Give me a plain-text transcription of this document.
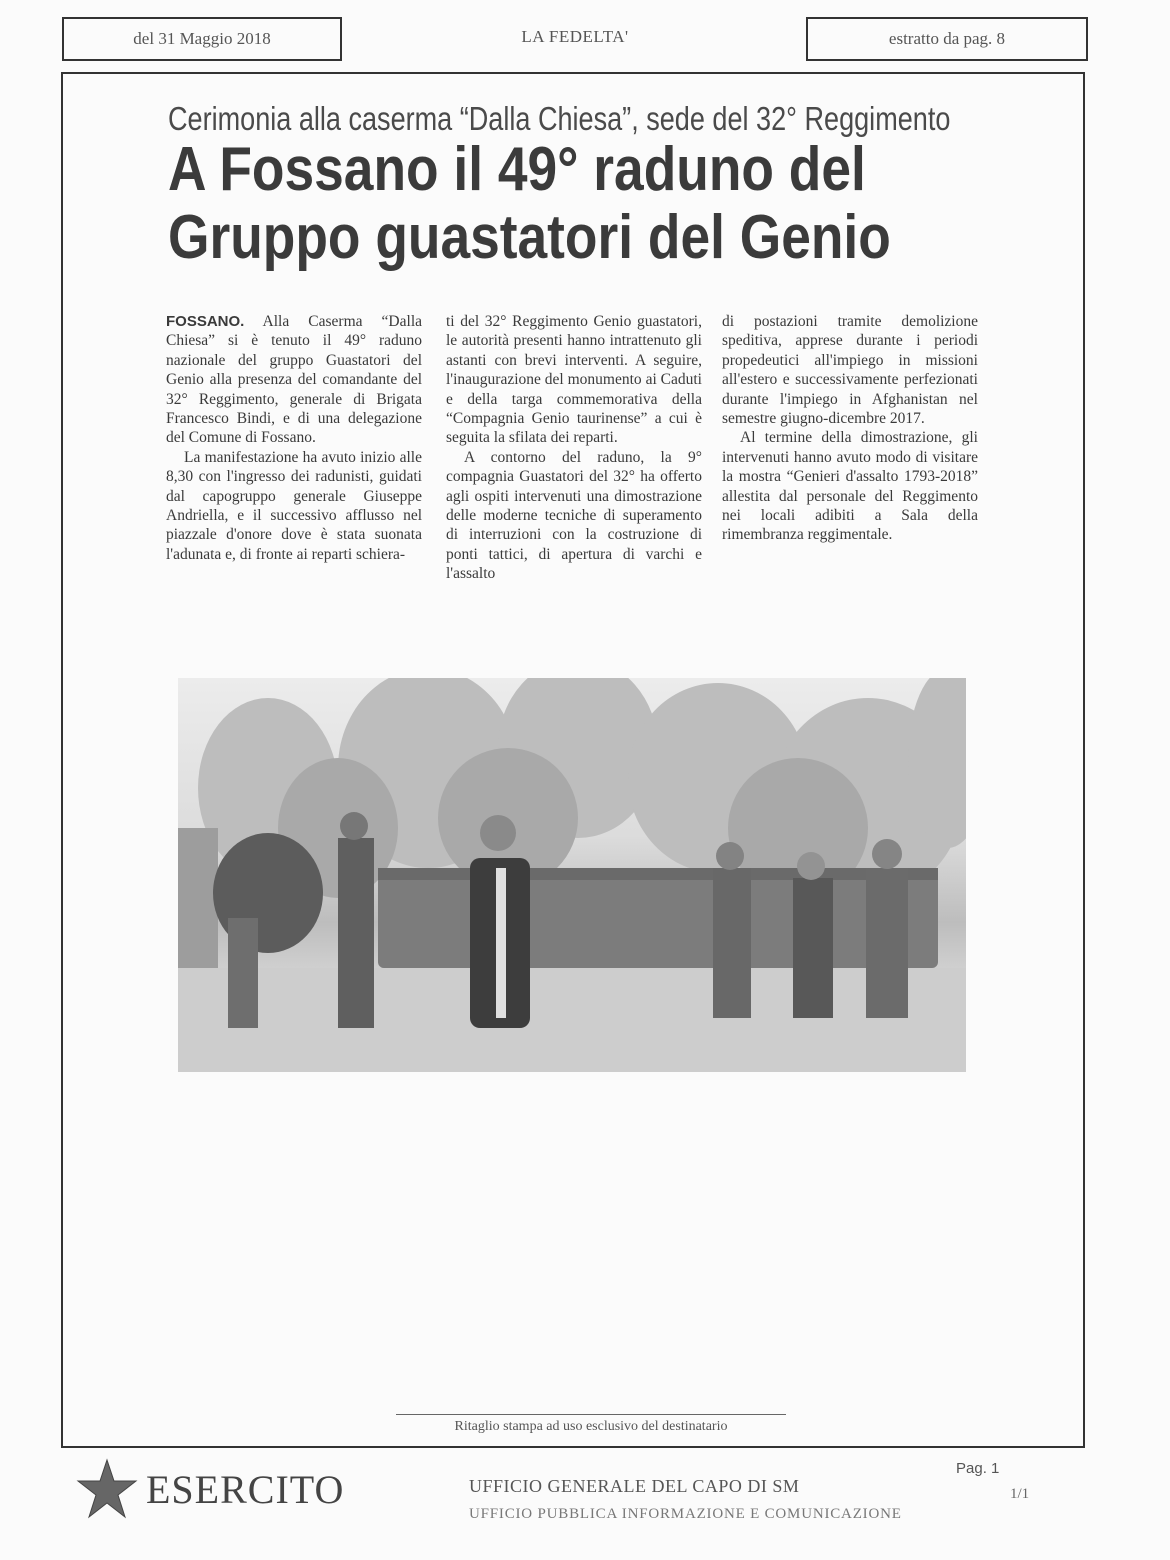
del 31 Maggio 2018	LA FEDELTA'	estratto da pag. 8
Cerimonia alla caserma “Dalla Chiesa”, sede del 32° Reggimento
A Fossano il 49° raduno del
Gruppo guastatori del Genio

FOSSANO. Alla Caserma “Dalla Chiesa” si è tenuto il 49° raduno nazionale del gruppo Guastatori del Genio alla presenza del comandante del 32° Reggimento, generale di Brigata Francesco Bindi, e di una delegazione del Comune di Fossano.

La manifestazione ha avuto inizio alle 8,30 con l'ingresso dei radunisti, guidati dal capogruppo generale Giuseppe Andriella, e il successivo afflusso nel piazzale d'onore dove è stata suonata l'adunata e, di fronte ai reparti schiera-

ti del 32° Reggimento Genio guastatori, le autorità presenti hanno intrattenuto gli astanti con brevi interventi. A seguire, l'inaugurazione del monumento ai Caduti e della targa commemorativa della “Compagnia Genio taurinense” a cui è seguita la sfilata dei reparti.

A contorno del raduno, la 9° compagnia Guastatori del 32° ha offerto agli ospiti intervenuti una dimostrazione delle moderne tecniche di superamento di interruzioni con la costruzione di ponti tattici, di apertura di varchi e l'assalto

di postazioni tramite demolizione speditiva, apprese durante i periodi propedeutici all'impiego in missioni all'estero e successivamente perfezionati durante l'impiego in Afghanistan nel semestre giugno-dicembre 2017.

Al termine della dimostrazione, gli intervenuti hanno avuto modo di visitare la mostra “Genieri d'assalto 1793-2018” allestita dal personale del Reggimento nei locali adibiti a Sala della rimembranza reggimentale.

Ritaglio stampa ad uso esclusivo del destinatario
ESERCITO	UFFICIO GENERALE DEL CAPO DI SM
UFFICIO PUBBLICA INFORMAZIONE E COMUNICAZIONE
Pag. 1
1/1
